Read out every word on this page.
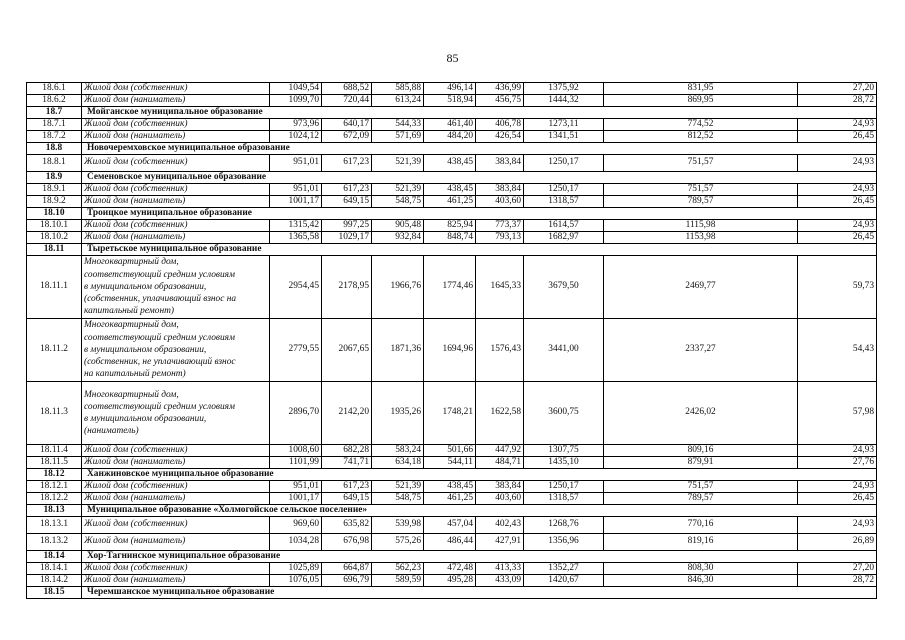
85
18.6.1	Жилой дом (собственник)	1049,54	688,52	585,88	496,14	436,99	1375,92	831,95	27,20
18.6.2	Жилой дом (наниматель)	1099,70	720,44	613,24	518,94	456,75	1444,32	869,95	28,72
18.7	Мойганское муниципальное образование								
18.7.1	Жилой дом (собственник)	973,96	640,17	544,33	461,40	406,78	1273,11	774,52	24,93
18.7.2	Жилой дом (наниматель)	1024,12	672,09	571,69	484,20	426,54	1341,51	812,52	26,45
18.8	Новочеремховское муниципальное образование								
18.8.1	Жилой дом (собственник)	951,01	617,23	521,39	438,45	383,84	1250,17	751,57	24,93
18.9	Семеновское муниципальное образование								
18.9.1	Жилой дом (собственник)	951,01	617,23	521,39	438,45	383,84	1250,17	751,57	24,93
18.9.2	Жилой дом (наниматель)	1001,17	649,15	548,75	461,25	403,60	1318,57	789,57	26,45
18.10	Троицкое муниципальное образование								
18.10.1	Жилой дом (собственник)	1315,42	997,25	905,48	825,94	773,37	1614,57	1115,98	24,93
18.10.2	Жилой дом (наниматель)	1365,58	1029,17	932,84	848,74	793,13	1682,97	1153,98	26,45
18.11	Тыретьское муниципальное образование								
18.11.1	Многоквартирный дом,
соответствующий средним условиям
в муниципальном образовании,
(собственник, уплачивающий взнос на
капитальный ремонт)	2954,45	2178,95	1966,76	1774,46	1645,33	3679,50	2469,77	59,73
18.11.2	Многоквартирный дом,
соответствующий средним условиям
в муниципальном образовании,
(собственник, не уплачивающий взнос
на капитальный ремонт)	2779,55	2067,65	1871,36	1694,96	1576,43	3441,00	2337,27	54,43
18.11.3	Многоквартирный дом,
соответствующий средним условиям
в муниципальном образовании,
(наниматель)	2896,70	2142,20	1935,26	1748,21	1622,58	3600,75	2426,02	57,98
18.11.4	Жилой дом (собственник)	1008,60	682,28	583,24	501,66	447,92	1307,75	809,16	24,93
18.11.5	Жилой дом (наниматель)	1101,99	741,71	634,18	544,11	484,71	1435,10	879,91	27,76
18.12	Ханжиновское муниципальное образование								
18.12.1	Жилой дом (собственник)	951,01	617,23	521,39	438,45	383,84	1250,17	751,57	24,93
18.12.2	Жилой дом (наниматель)	1001,17	649,15	548,75	461,25	403,60	1318,57	789,57	26,45
18.13	Муниципальное образование «Холмогойское сельское поселение»								
18.13.1	Жилой дом (собственник)	969,60	635,82	539,98	457,04	402,43	1268,76	770,16	24,93
18.13.2	Жилой дом (наниматель)	1034,28	676,98	575,26	486,44	427,91	1356,96	819,16	26,89
18.14	Хор-Тагнинское муниципальное образование								
18.14.1	Жилой дом (собственник)	1025,89	664,87	562,23	472,48	413,33	1352,27	808,30	27,20
18.14.2	Жилой дом (наниматель)	1076,05	696,79	589,59	495,28	433,09	1420,67	846,30	28,72
18.15	Черемшанское муниципальное образование								
